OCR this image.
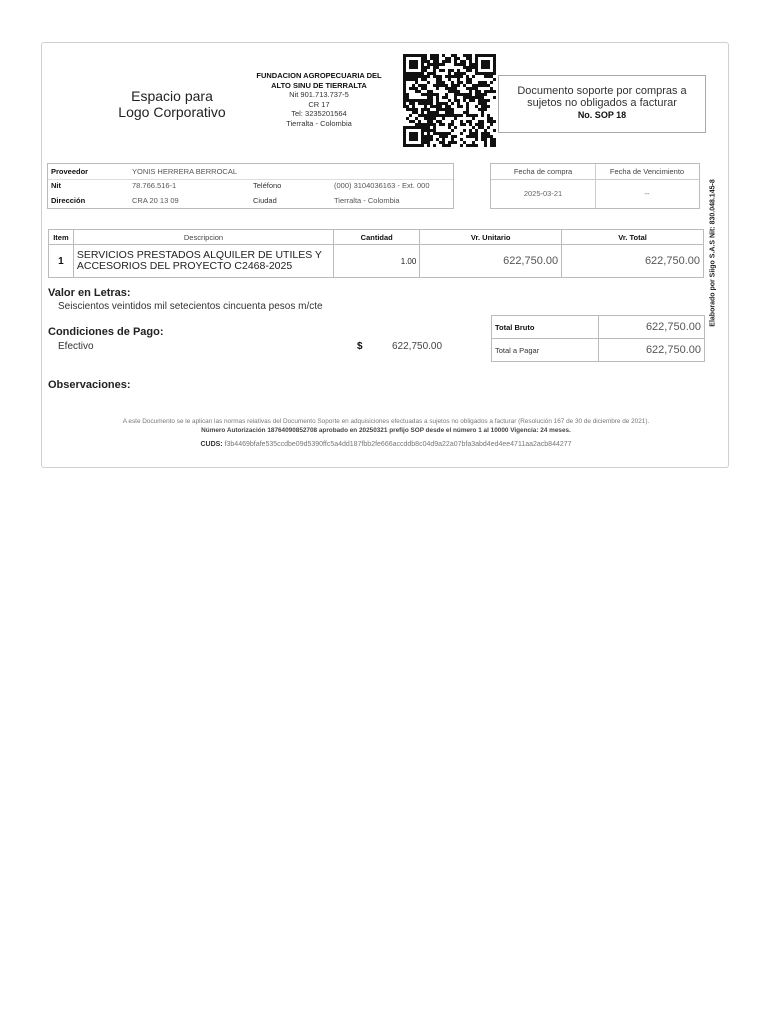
Espacio para
Logo Corporativo
FUNDACION AGROPECUARIA DEL
ALTO SINU DE TIERRALTA
Nit 901.713.737-5
CR 17
Tel: 3235201564
Tierralta - Colombia
Documento soporte por compras a
sujetos no obligados a facturar
No. SOP 18
Proveedor	YONIS HERRERA BERROCAL
Nit	78.766.516-1	Teléfono	(000) 3104036163 - Ext. 000
Dirección	CRA 20 13 09	Ciudad	Tierralta - Colombia
Fecha de compra	Fecha de Vencimiento
2025-03-21	--
Item	Descripcion	Cantidad	Vr. Unitario	Vr. Total
1	SERVICIOS PRESTADOS ALQUILER DE UTILES Y
ACCESORIOS DEL PROYECTO C2468-2025	1.00	622,750.00	622,750.00
Valor en Letras:
Seiscientos veintidos mil setecientos cincuenta pesos m/cte
Condiciones de Pago:
Efectivo	$	622,750.00
Total Bruto	622,750.00
Total a Pagar	622,750.00
Observaciones:
A este Documento se le aplican las normas relativas del Documento Soporte en adquisiciones efectuadas a sujetos no obligados a facturar (Resolución 167 de 30 de diciembre de 2021).
Número Autorización 18764090852708 aprobado en 20250321 prefijo SOP desde el número 1 al 10000 Vigencia: 24 meses.
CUDS: f3b4469bfafe535ccdbe09d5390ffc5a4dd187fbb2fe666accddb8c04d9a22a07bfa3abd4ed4ee4711aa2acb844277
Elaborado por Siigo S.A.S Nit: 830.048.145-8
